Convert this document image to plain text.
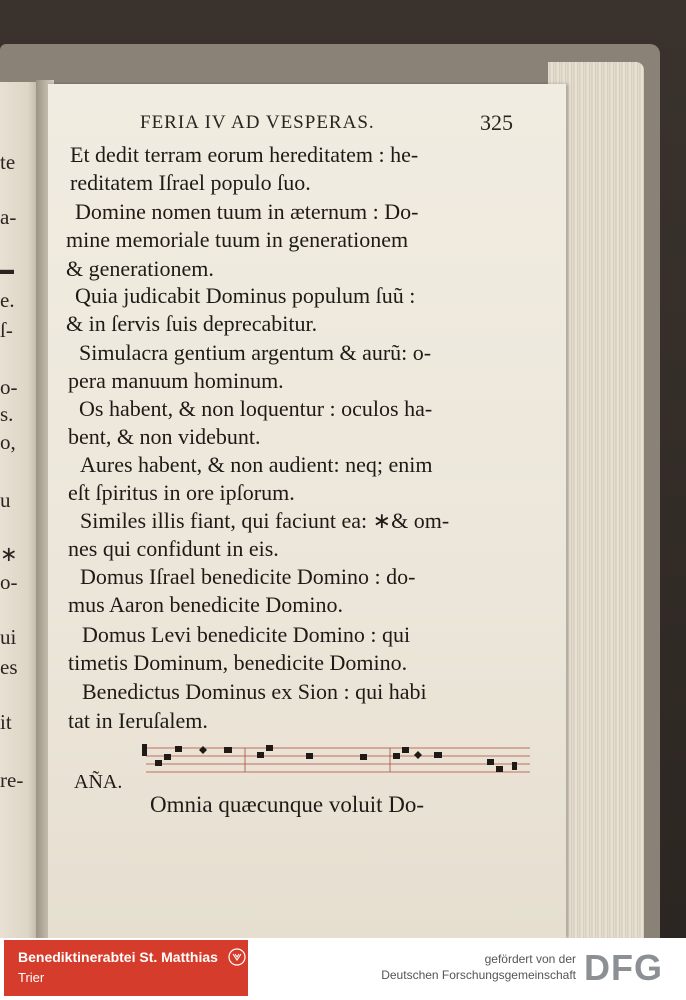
te
a-
▬
e.
ſ-
o-
s.
o,
u
∗
o-
ui
es
it
re-
FERIA IV AD VESPERAS.	325
Et dedit terram eorum hereditatem : he-
reditatem Iſrael populo ſuo.
Domine nomen tuum in æternum : Do-
mine memoriale tuum in generationem
& generationem.
Quia judicabit Dominus populum ſuũ :
& in ſervis ſuis deprecabitur.
Simulacra gentium argentum & aurũ: o-
pera manuum hominum.
Os habent, & non loquentur : oculos ha-
bent, & non videbunt.
Aures habent, & non audient: neq; enim
eſt ſpiritus in ore ipſorum.
Similes illis fiant, qui faciunt ea: ∗& om-
nes qui confidunt in eis.
Domus Iſrael benedicite Domino : do-
mus Aaron benedicite Domino.
Domus Levi benedicite Domino : qui
timetis Dominum, benedicite Domino.
Benedictus Dominus ex Sion : qui habi
tat in Ieruſalem.
AÑA.
Omnia quæcunque voluit Do-
Benediktinerabtei St. Matthias
Trier
gefördert von der
Deutschen Forschungsgemeinschaft DFG
